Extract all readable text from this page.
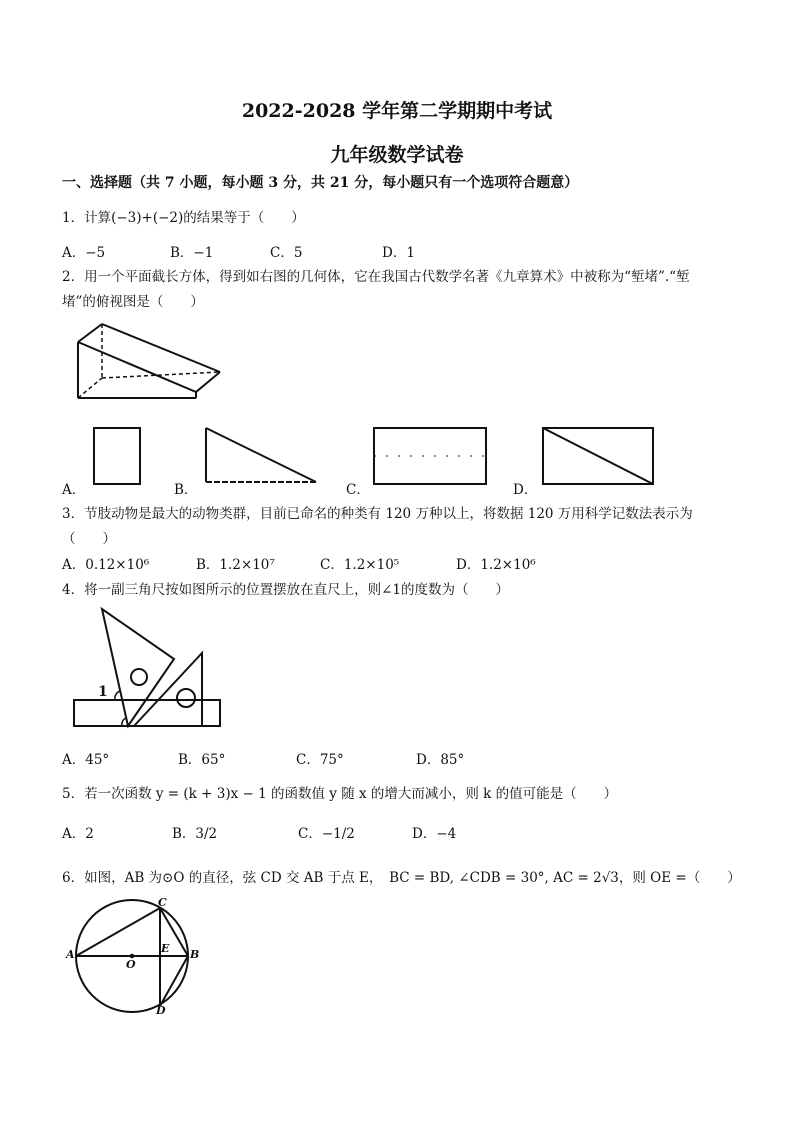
2022-2028 学年第二学期期中考试
九年级数学试卷
一、选择题（共 7 小题，每小题 3 分，共 21 分，每小题只有一个选项符合题意）
1．计算(−3)+(−2)的结果等于（　　）
A．−5	B．−1	C．5	D．1
2．用一个平面截长方体，得到如右图的几何体，它在我国古代数学名著《九章算术》中被称为“堑堵”.“堑
堵”的俯视图是（　　）
A．	B．	C．	D．
3．节肢动物是最大的动物类群，目前已命名的种类有 120 万种以上，将数据 120 万用科学记数法表示为
（　　）
A．0.12×10⁶	B．1.2×10⁷	C．1.2×10⁵	D．1.2×10⁶
4．将一副三角尺按如图所示的位置摆放在直尺上，则∠1的度数为（　　）
1
A．45°	B．65°	C．75°	D．85°
5．若一次函数 y = (k + 3)x − 1 的函数值 y 随 x 的增大而减小，则 k 的值可能是（　　）
A．2	B．3/2	C．−1/2	D．−4
6．如图，AB 为⊙O 的直径，弦 CD 交 AB 于点 E，　BC = BD, ∠CDB = 30°, AC = 2√3，则 OE =（　　）
A	B
C
D
E
O
